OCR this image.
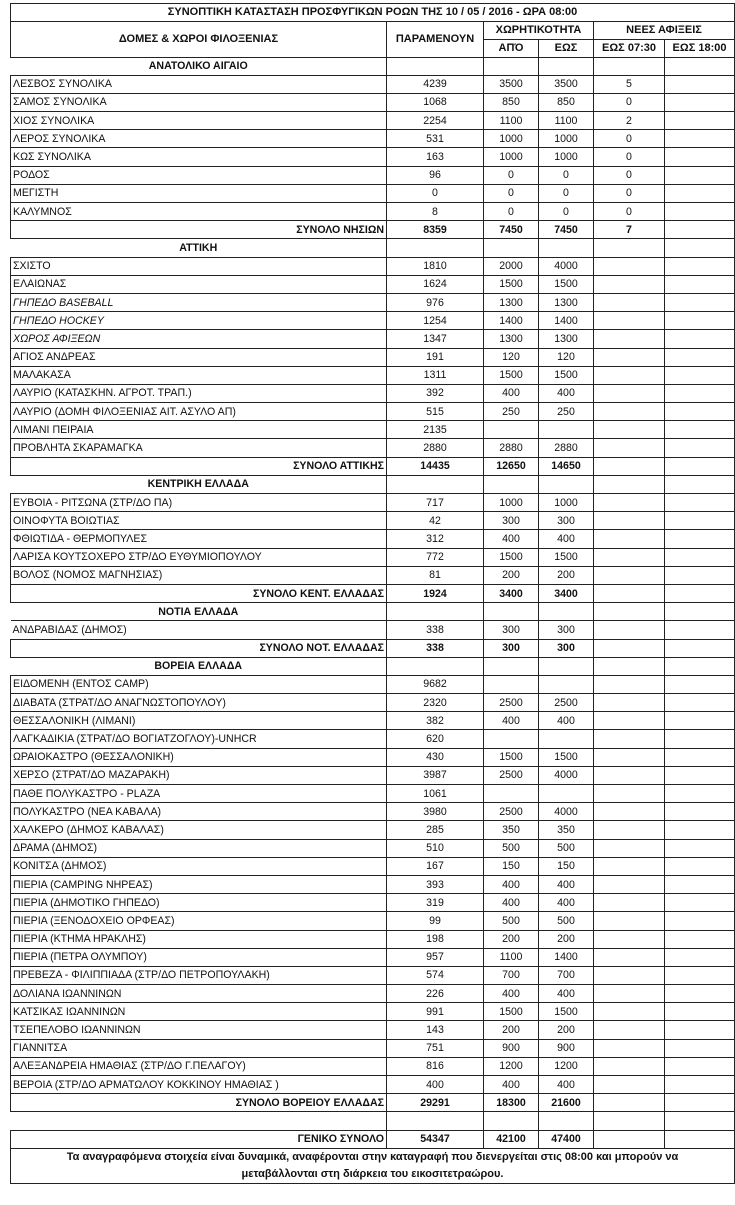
ΣΥΝΟΠΤΙΚΗ ΚΑΤΑΣΤΑΣΗ ΠΡΟΣΦΥΓΙΚΩΝ ΡΟΩΝ ΤΗΣ 10 / 05 / 2016 - ΩΡΑ 08:00					
ΔΟΜΕΣ & ΧΩΡΟΙ ΦΙΛΟΞΕΝΙΑΣ	ΠΑΡΑΜΕΝΟΥΝ	ΧΩΡΗΤΙΚΟΤΗΤΑ		ΝΕΕΣ ΑΦΙΞΕΙΣ	
		ΑΠΌ	ΕΩΣ	ΕΩΣ 07:30	ΕΩΣ 18:00
ΑΝΑΤΟΛΙΚΟ ΑΙΓΑΙΟ					
ΛΕΣΒΟΣ ΣΥΝΟΛΙΚΑ	4239	3500	3500	5	
ΣΑΜΟΣ ΣΥΝΟΛΙΚΑ	1068	850	850	0	
ΧΙΟΣ ΣΥΝΟΛΙΚΑ	2254	1100	1100	2	
ΛΕΡΟΣ ΣΥΝΟΛΙΚΑ	531	1000	1000	0	
ΚΩΣ ΣΥΝΟΛΙΚΑ	163	1000	1000	0	
ΡΟΔΟΣ	96	0	0	0	
ΜΕΓΙΣΤΗ	0	0	0	0	
ΚΑΛΥΜΝΟΣ	8	0	0	0	
ΣΥΝΟΛΟ ΝΗΣΙΩΝ	8359	7450	7450	7	
ΑΤΤΙΚΗ					
ΣΧΙΣΤΟ	1810	2000	4000		
ΕΛΑΙΩΝΑΣ	1624	1500	1500		
ΓΗΠΕΔΟ BASEBALL	976	1300	1300		
ΓΗΠΕΔΟ HOCKEY	1254	1400	1400		
ΧΩΡΟΣ ΑΦΙΞΕΩΝ	1347	1300	1300		
ΑΓΙΟΣ ΑΝΔΡΕΑΣ	191	120	120		
ΜΑΛΑΚΑΣΑ	1311	1500	1500		
ΛΑΥΡΙΟ (ΚΑΤΑΣΚΗΝ. ΑΓΡΟΤ. ΤΡΑΠ.)	392	400	400		
ΛΑΥΡΙΟ (ΔΟΜΗ ΦΙΛΟΞΕΝΙΑΣ ΑΙΤ. ΑΣΥΛΟ ΑΠ)	515	250	250		
ΛΙΜΑΝΙ ΠΕΙΡΑΙΑ	2135				
ΠΡΟΒΛΗΤΑ ΣΚΑΡΑΜΑΓΚΑ	2880	2880	2880		
ΣΥΝΟΛΟ ΑΤΤΙΚΗΣ	14435	12650	14650		
ΚΕΝΤΡΙΚΗ ΕΛΛΑΔΑ					
ΕΥΒΟΙΑ - ΡΙΤΣΩΝΑ (ΣΤΡ/ΔΟ ΠΑ)	717	1000	1000		
ΟΙΝΟΦΥΤΑ ΒΟΙΩΤΙΑΣ	42	300	300		
ΦΘΙΩΤΙΔΑ - ΘΕΡΜΟΠΥΛΕΣ	312	400	400		
ΛΑΡΙΣΑ ΚΟΥΤΣΟΧΕΡΟ ΣΤΡ/ΔΟ ΕΥΘΥΜΙΟΠΟΥΛΟΥ	772	1500	1500		
ΒΟΛΟΣ (ΝΟΜΟΣ ΜΑΓΝΗΣΙΑΣ)	81	200	200		
ΣΥΝΟΛΟ ΚΕΝΤ. ΕΛΛΑΔΑΣ	1924	3400	3400		
ΝΟΤΙΑ ΕΛΛΑΔΑ					
ΑΝΔΡΑΒΙΔΑΣ (ΔΗΜΟΣ)	338	300	300		
ΣΥΝΟΛΟ ΝΟΤ. ΕΛΛΑΔΑΣ	338	300	300		
ΒΟΡΕΙΑ ΕΛΛΑΔΑ					
ΕΙΔΟΜΕΝΗ (ΕΝΤΟΣ CAMP)	9682				
ΔΙΑΒΑΤΑ (ΣΤΡΑΤ/ΔΟ ΑΝΑΓΝΩΣΤΟΠΟΥΛΟΥ)	2320	2500	2500		
ΘΕΣΣΑΛΟΝΙΚΗ (ΛΙΜΑΝΙ)	382	400	400		
ΛΑΓΚΑΔΙΚΙΑ (ΣΤΡΑΤ/ΔΟ ΒΟΓΙΑΤΖΟΓΛΟΥ)-UNHCR	620				
ΩΡΑΙΟΚΑΣΤΡΟ (ΘΕΣΣΑΛΟΝΙΚΗ)	430	1500	1500		
ΧΕΡΣΟ (ΣΤΡΑΤ/ΔΟ ΜΑΖΑΡΑΚΗ)	3987	2500	4000		
ΠΑΘΕ ΠΟΛΥΚΑΣΤΡΟ - PLAZA	1061				
ΠΟΛΥΚΑΣΤΡΟ (ΝΕΑ ΚΑΒΑΛΑ)	3980	2500	4000		
ΧΑΛΚΕΡΟ (ΔΗΜΟΣ ΚΑΒΑΛΑΣ)	285	350	350		
ΔΡΑΜΑ (ΔΗΜΟΣ)	510	500	500		
ΚΟΝΙΤΣΑ (ΔΗΜΟΣ)	167	150	150		
ΠΙΕΡΙΑ (CAMPING ΝΗΡΕΑΣ)	393	400	400		
ΠΙΕΡΙΑ (ΔΗΜΟΤΙΚΟ ΓΗΠΕΔΟ)	319	400	400		
ΠΙΕΡΙΑ (ΞΕΝΟΔΟΧΕΙΟ ΟΡΦΕΑΣ)	99	500	500		
ΠΙΕΡΙΑ (ΚΤΗΜΑ ΗΡΑΚΛΗΣ)	198	200	200		
ΠΙΕΡΙΑ (ΠΕΤΡΑ ΟΛΥΜΠΟΥ)	957	1100	1400		
ΠΡΕΒΕΖΑ - ΦΙΛΙΠΠΙΑΔΑ (ΣΤΡ/ΔΟ ΠΕΤΡΟΠΟΥΛΑΚΗ)	574	700	700		
ΔΟΛΙΑΝΑ ΙΩΑΝΝΙΝΩΝ	226	400	400		
ΚΑΤΣΙΚΑΣ ΙΩΑΝΝΙΝΩΝ	991	1500	1500		
ΤΣΕΠΕΛΟΒΟ ΙΩΑΝΝΙΝΩΝ	143	200	200		
ΓΙΑΝΝΙΤΣΑ	751	900	900		
ΑΛΕΞΑΝΔΡΕΙΑ ΗΜΑΘΙΑΣ (ΣΤΡ/ΔΟ Γ.ΠΕΛΑΓΟΥ)	816	1200	1200		
ΒΕΡΟΙΑ (ΣΤΡ/ΔΟ ΑΡΜΑΤΩΛΟΥ ΚΟΚΚΙΝΟΥ ΗΜΑΘΙΑΣ )	400	400	400		
ΣΥΝΟΛΟ ΒΟΡΕΙΟΥ ΕΛΛΑΔΑΣ	29291	18300	21600		

ΓΕΝΙΚΟ ΣΥΝΟΛΟ	54347	42100	47400		
Τα αναγραφόμενα στοιχεία είναι δυναμικά, αναφέρονται στην καταγραφή που διενεργείται στις 08:00 και μπορούν να μεταβάλλονται στη διάρκεια του εικοσιτετραώρου.					
